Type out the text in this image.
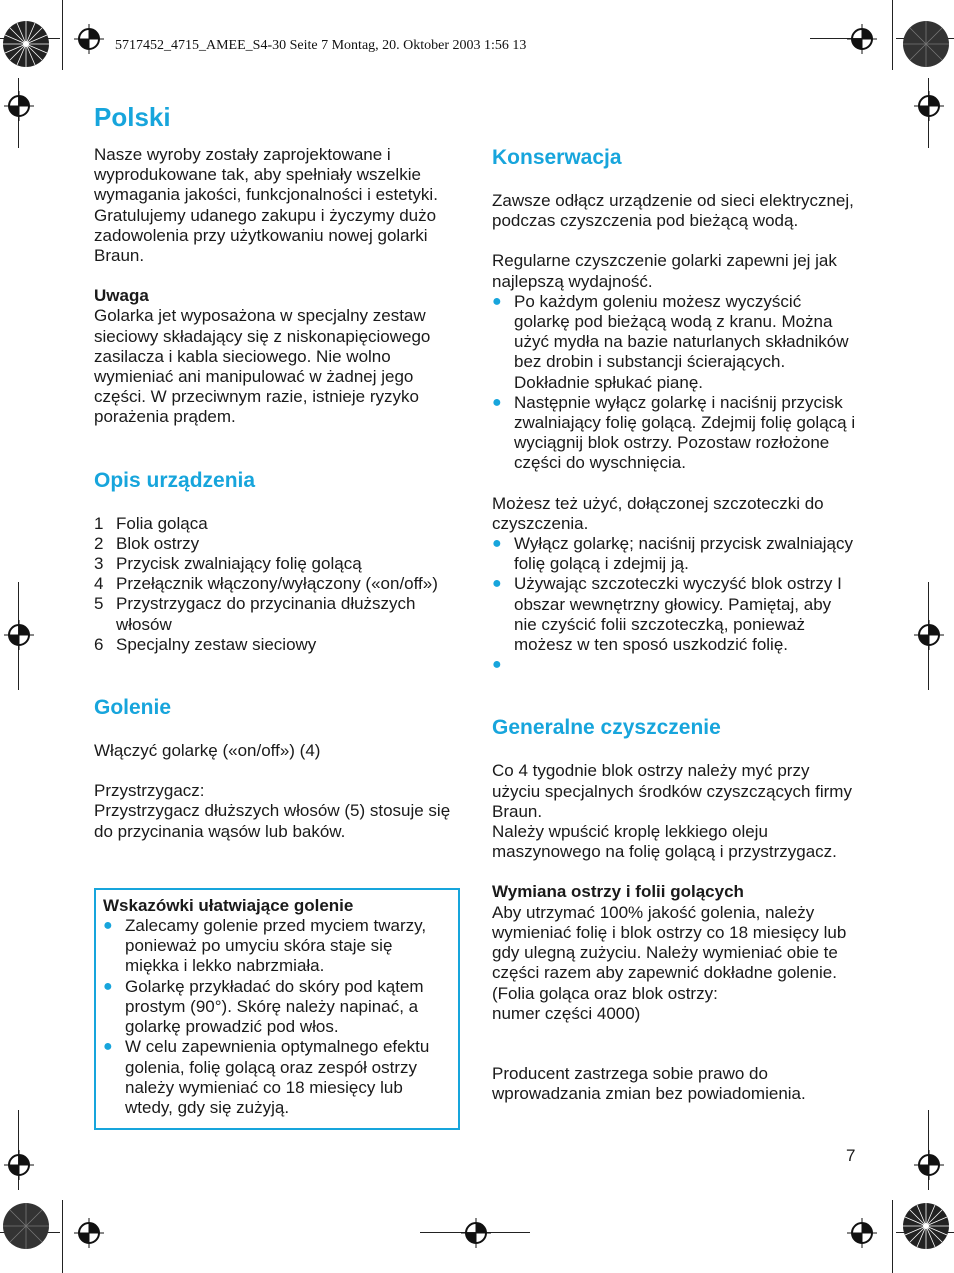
5717452_4715_AMEE_S4-30 Seite 7 Montag, 20. Oktober 2003 1:56 13
Polski

Nasze wyroby zostały zaprojektowane i wyprodukowane tak, aby spełniały wszelkie wymagania jakości, funkcjonalności i estetyki. Gratulujemy udanego zakupu i życzymy dużo zadowolenia przy użytkowaniu nowej golarki Braun.

Uwaga

Golarka jet wyposażona w specjalny zestaw sieciowy składający się z niskonapięciowego zasilacza i kabla sieciowego. Nie wolno wymieniać ani manipulować w żadnej jego części. W przeciwnym razie, istnieje ryzyko porażenia prądem.

Opis urządzenia
1 Folia goląca
2 Blok ostrzy
3 Przycisk zwalniający folię golącą
4 Przełącznik włączony/wyłączony («on/off»)
5 Przystrzygacz do przycinania dłuższych włosów
6 Specjalny zestaw sieciowy
Golenie

Włączyć golarkę («on/off») (4)

Przystrzygacz:

Przystrzygacz dłuższych włosów (5) stosuje się do przycinania wąsów lub baków.

Wskazówki ułatwiające golenie
● Zalecamy golenie przed myciem twarzy, ponieważ po umyciu skóra staje się miękka i lekko nabrzmiała.
● Golarkę przykładać do skóry pod kątem prostym (90°). Skórę należy napinać, a golarkę prowadzić pod włos.
● W celu zapewnienia optymalnego efektu golenia, folię golącą oraz zespół ostrzy należy wymieniać co 18 miesięcy lub wtedy, gdy się zużyją.
Konserwacja

Zawsze odłącz urządzenie od sieci elektrycznej, podczas czyszczenia pod bieżącą wodą.

Regularne czyszczenie golarki zapewni jej jak najlepszą wydajność.

● Po każdym goleniu możesz wyczyścić golarkę pod bieżącą wodą z kranu. Można użyć mydła na bazie naturlanych składników bez drobin i substancji ścierających. Dokładnie spłukać pianę.
● Następnie wyłącz golarkę i naciśnij przycisk zwalniający folię golącą. Zdejmij folię golącą i wyciągnij blok ostrzy. Pozostaw rozłożone części do wyschnięcia.

Możesz też użyć, dołączonej szczoteczki do czyszczenia.

● Wyłącz golarkę; naciśnij przycisk zwalniający folię golącą i zdejmij ją.
● Używając szczoteczki wyczyść blok ostrzy I obszar wewnętrzny głowicy. Pamiętaj, aby nie czyścić folii szczoteczką, ponieważ możesz w ten sposó uszkodzić folię.
●
Generalne czyszczenie

Co 4 tygodnie blok ostrzy należy myć przy użyciu specjalnych środków czyszczących firmy Braun.

Należy wpuścić kroplę lekkiego oleju maszynowego na folię golącą i przystrzygacz.

Wymiana ostrzy i folii golących

Aby utrzymać 100% jakość golenia, należy wymieniać folię i blok ostrzy co 18 miesięcy lub gdy ulegną zużyciu. Należy wymieniać obie te części razem aby zapewnić dokładne golenie.

(Folia goląca oraz blok ostrzy:

numer części 4000)

Producent zastrzega sobie prawo do wprowadzania zmian bez powiadomienia.

7
